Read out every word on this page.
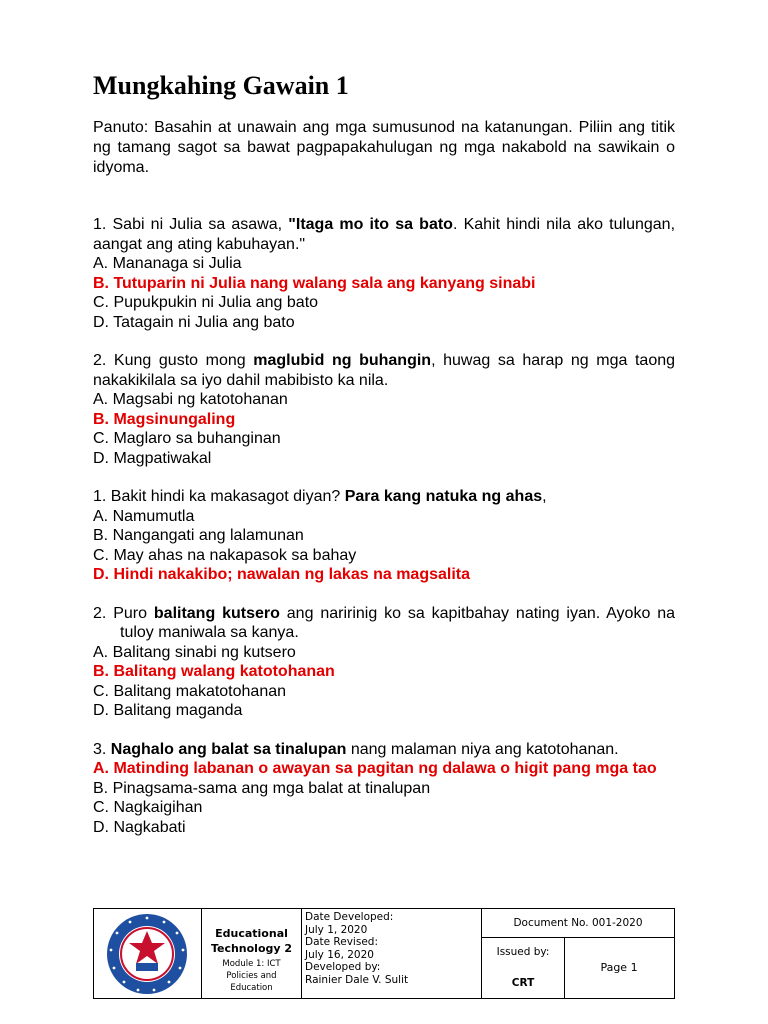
Mungkahing Gawain 1

Panuto: Basahin at unawain ang mga sumusunod na katanungan. Piliin ang titik ng tamang sagot sa bawat pagpapakahulugan ng mga nakabold na sawikain o idyoma.

1. Sabi ni Julia sa asawa, "Itaga mo ito sa bato. Kahit hindi nila ako tulungan, aangat ang ating kabuhayan."
A. Mananaga si Julia
B. Tutuparin ni Julia nang walang sala ang kanyang sinabi
C. Pupukpukin ni Julia ang bato
D. Tatagain ni Julia ang bato
2. Kung gusto mong maglubid ng buhangin, huwag sa harap ng mga taong nakakikilala sa iyo dahil mabibisto ka nila.
A. Magsabi ng katotohanan
B. Magsinungaling
C. Maglaro sa buhanginan
D. Magpatiwakal
1. Bakit hindi ka makasagot diyan? Para kang natuka ng ahas,
A. Namumutla
B. Nangangati ang lalamunan
C. May ahas na nakapasok sa bahay
D. Hindi nakakibo; nawalan ng lakas na magsalita
2. Puro balitang kutsero ang naririnig ko sa kapitbahay nating iyan. Ayoko na tuloy maniwala sa kanya.
A. Balitang sinabi ng kutsero
B. Balitang walang katotohanan
C. Balitang makatotohanan
D. Balitang maganda
3. Naghalo ang balat sa tinalupan nang malaman niya ang katotohanan.
A. Matinding labanan o awayan sa pagitan ng dalawa o higit pang mga tao
B. Pinagsama-sama ang mga balat at tinalupan
C. Nagkaigihan
D. Nagkabati
Educational
Technology 2
Module 1: ICT
Policies and
Education
Date Developed:
July 1, 2020
Date Revised:
July 16, 2020
Developed by:
Rainier Dale V. Sulit
Document No. 001-2020
Issued by:
CRT
Page 1
